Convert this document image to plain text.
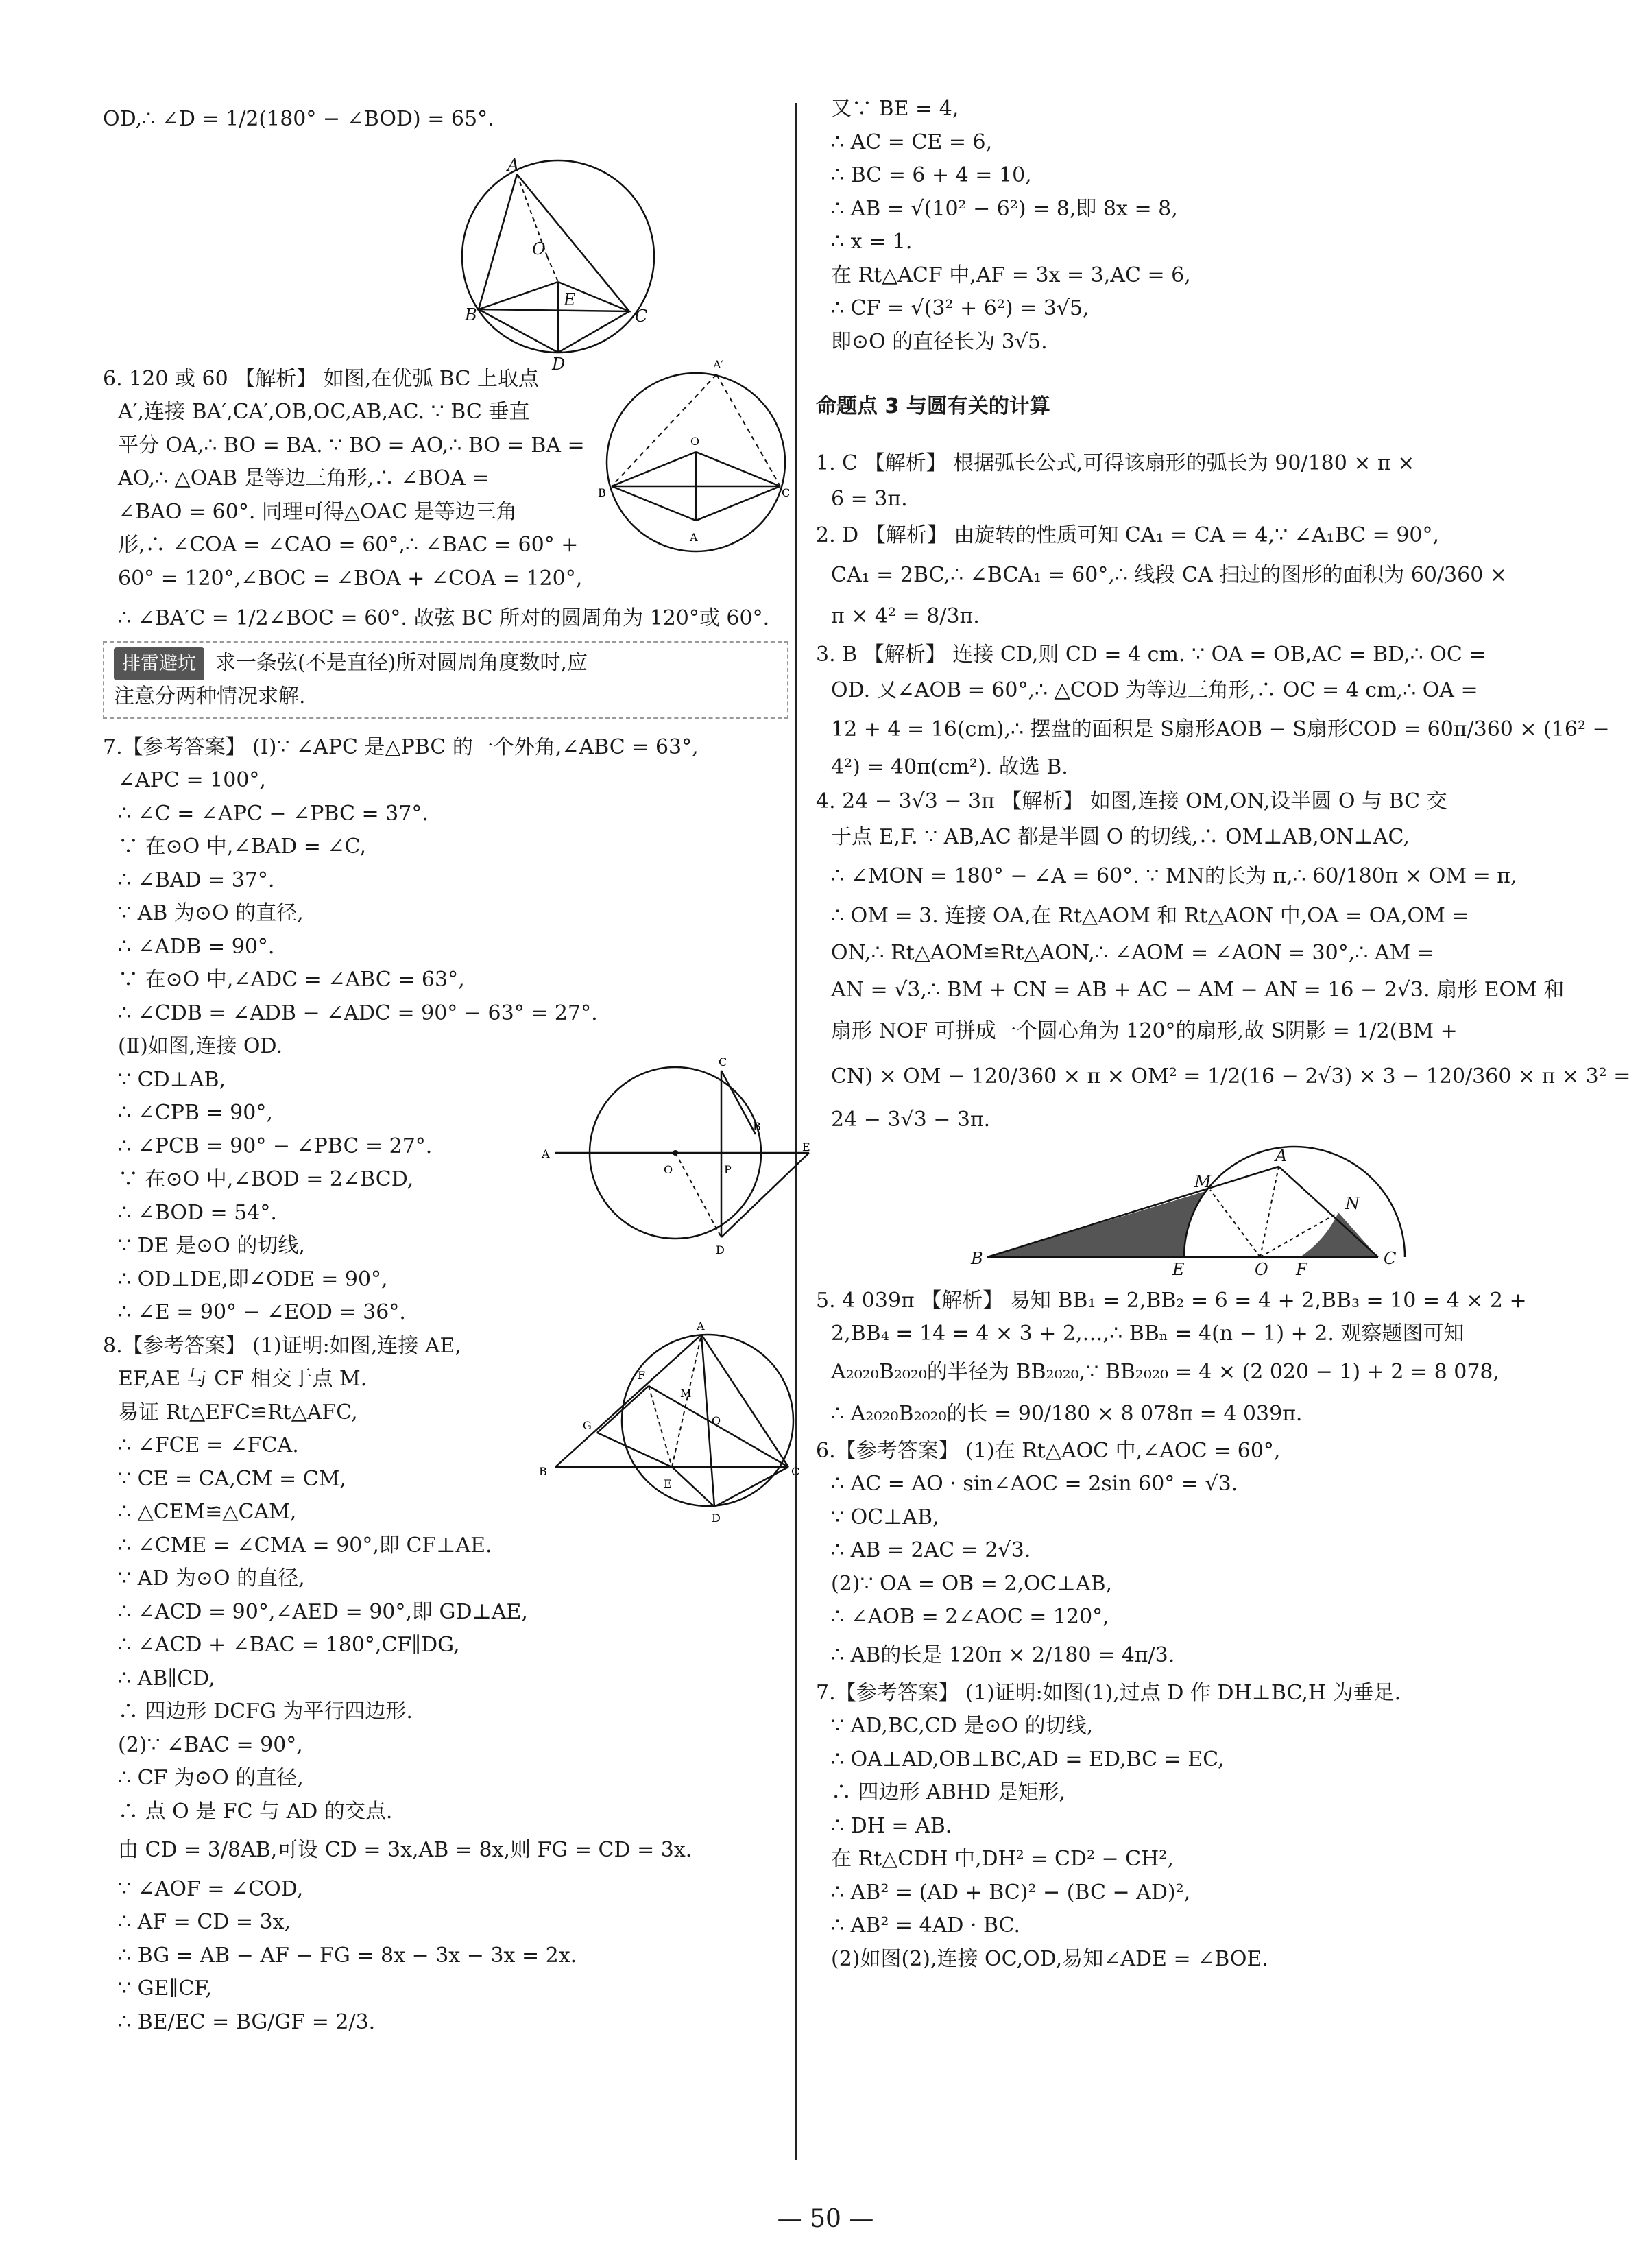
OD,∴ ∠D = 1/2(180° − ∠BOD) = 65°.

A
B	C
D
E
O

6. 120 或 60 【解析】 如图,在优弧 BC 上取点

A′,连接 BA′,CA′,OB,OC,AB,AC. ∵ BC 垂直

平分 OA,∴ BO = BA. ∵ BO = AO,∴ BO = BA =

AO,∴ △OAB 是等边三角形,∴ ∠BOA =

∠BAO = 60°. 同理可得△OAC 是等边三角

形,∴ ∠COA = ∠CAO = 60°,∴ ∠BAC = 60° +

60° = 120°,∠BOC = ∠BOA + ∠COA = 120°,

∴ ∠BA′C = 1/2∠BOC = 60°. 故弦 BC 所对的圆周角为 120°或 60°.

A′
B	C
O
A
排雷避坑 求一条弦(不是直径)所对圆周角度数时,应
注意分两种情况求解.

7.【参考答案】 (Ⅰ)∵ ∠APC 是△PBC 的一个外角,∠ABC = 63°,

∠APC = 100°,

∴ ∠C = ∠APC − ∠PBC = 37°.

∵ 在⊙O 中,∠BAD = ∠C,

∴ ∠BAD = 37°.

∵ AB 为⊙O 的直径,

∴ ∠ADB = 90°.

∵ 在⊙O 中,∠ADC = ∠ABC = 63°,

∴ ∠CDB = ∠ADB − ∠ADC = 90° − 63° = 27°.

(Ⅱ)如图,连接 OD.

∵ CD⊥AB,

∴ ∠CPB = 90°,

∴ ∠PCB = 90° − ∠PBC = 27°.

∵ 在⊙O 中,∠BOD = 2∠BCD,

∴ ∠BOD = 54°.

∵ DE 是⊙O 的切线,

∴ OD⊥DE,即∠ODE = 90°,

∴ ∠E = 90° − ∠EOD = 36°.

A
B
C
D
E
O	P

8.【参考答案】 (1)证明:如图,连接 AE,

EF,AE 与 CF 相交于点 M.

易证 Rt△EFC≌Rt△AFC,

∴ ∠FCE = ∠FCA.

∵ CE = CA,CM = CM,

∴ △CEM≌△CAM,

∴ ∠CME = ∠CMA = 90°,即 CF⊥AE.

∵ AD 为⊙O 的直径,

∴ ∠ACD = 90°,∠AED = 90°,即 GD⊥AE,

∴ ∠ACD + ∠BAC = 180°,CF∥DG,

∴ AB∥CD,

∴ 四边形 DCFG 为平行四边形.

(2)∵ ∠BAC = 90°,

∴ CF 为⊙O 的直径,

∴ 点 O 是 FC 与 AD 的交点.

由 CD = 3/8AB,可设 CD = 3x,AB = 8x,则 FG = CD = 3x.

∵ ∠AOF = ∠COD,

∴ AF = CD = 3x,

∴ BG = AB − AF − FG = 8x − 3x − 3x = 2x.

∵ GE∥CF,

∴ BE/EC = BG/GF = 2/3.

A
B	C
D
E
F
G
M
O

又∵ BE = 4,

∴ AC = CE = 6,

∴ BC = 6 + 4 = 10,

∴ AB = √(10² − 6²) = 8,即 8x = 8,

∴ x = 1.

在 Rt△ACF 中,AF = 3x = 3,AC = 6,

∴ CF = √(3² + 6²) = 3√5,

即⊙O 的直径长为 3√5.

命题点 3 与圆有关的计算

1. C 【解析】 根据弧长公式,可得该扇形的弧长为 90/180 × π ×

6 = 3π.

2. D 【解析】 由旋转的性质可知 CA₁ = CA = 4,∵ ∠A₁BC = 90°,

CA₁ = 2BC,∴ ∠BCA₁ = 60°,∴ 线段 CA 扫过的图形的面积为 60/360 ×

π × 4² = 8/3π.

3. B 【解析】 连接 CD,则 CD = 4 cm. ∵ OA = OB,AC = BD,∴ OC =

OD. 又∠AOB = 60°,∴ △COD 为等边三角形,∴ OC = 4 cm,∴ OA =

12 + 4 = 16(cm),∴ 摆盘的面积是 S扇形AOB − S扇形COD = 60π/360 × (16² −

4²) = 40π(cm²). 故选 B.

4. 24 − 3√3 − 3π 【解析】 如图,连接 OM,ON,设半圆 O 与 BC 交

于点 E,F. ∵ AB,AC 都是半圆 O 的切线,∴ OM⊥AB,ON⊥AC,

∴ ∠MON = 180° − ∠A = 60°. ∵ MN的长为 π,∴ 60/180π × OM = π,

∴ OM = 3. 连接 OA,在 Rt△AOM 和 Rt△AON 中,OA = OA,OM =

ON,∴ Rt△AOM≌Rt△AON,∴ ∠AOM = ∠AON = 30°,∴ AM =

AN = √3,∴ BM + CN = AB + AC − AM − AN = 16 − 2√3. 扇形 EOM 和

扇形 NOF 可拼成一个圆心角为 120°的扇形,故 S阴影 = 1/2(BM +

CN) × OM − 120/360 × π × OM² = 1/2(16 − 2√3) × 3 − 120/360 × π × 3² =

24 − 3√3 − 3π.

A
B	C
E	F
M
N
O

5. 4 039π 【解析】 易知 BB₁ = 2,BB₂ = 6 = 4 + 2,BB₃ = 10 = 4 × 2 +

2,BB₄ = 14 = 4 × 3 + 2,…,∴ BBₙ = 4(n − 1) + 2. 观察题图可知

A₂₀₂₀B₂₀₂₀的半径为 BB₂₀₂₀,∵ BB₂₀₂₀ = 4 × (2 020 − 1) + 2 = 8 078,

∴ A₂₀₂₀B₂₀₂₀的长 = 90/180 × 8 078π = 4 039π.

6.【参考答案】 (1)在 Rt△AOC 中,∠AOC = 60°,

∴ AC = AO · sin∠AOC = 2sin 60° = √3.

∵ OC⊥AB,

∴ AB = 2AC = 2√3.

(2)∵ OA = OB = 2,OC⊥AB,

∴ ∠AOB = 2∠AOC = 120°,

∴ AB的长是 120π × 2/180 = 4π/3.

7.【参考答案】 (1)证明:如图(1),过点 D 作 DH⊥BC,H 为垂足.

∵ AD,BC,CD 是⊙O 的切线,

∴ OA⊥AD,OB⊥BC,AD = ED,BC = EC,

∴ 四边形 ABHD 是矩形,

∴ DH = AB.

在 Rt△CDH 中,DH² = CD² − CH²,

∴ AB² = (AD + BC)² − (BC − AD)²,

∴ AB² = 4AD · BC.

(2)如图(2),连接 OC,OD,易知∠ADE = ∠BOE.

— 50 —
